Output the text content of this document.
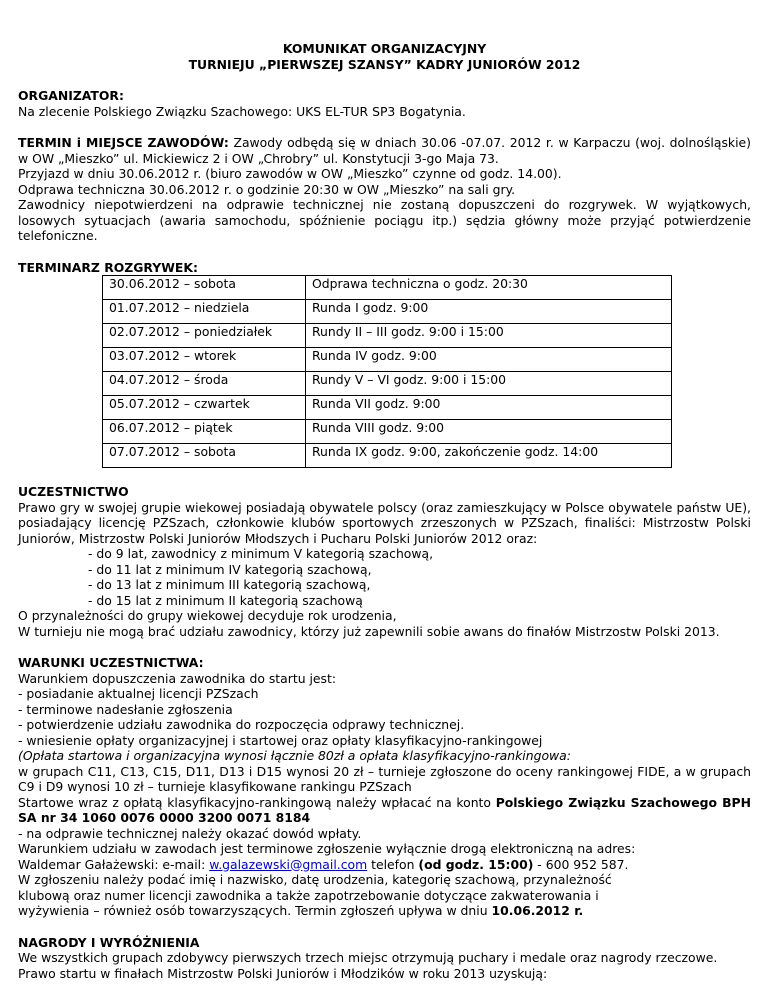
KOMUNIKAT ORGANIZACYJNY

TURNIEJU „PIERWSZEJ SZANSY” KADRY JUNIORÓW 2012

ORGANIZATOR:

Na zlecenie Polskiego Związku Szachowego: UKS EL-TUR SP3 Bogatynia.

TERMIN i MIEJSCE ZAWODÓW: Zawody odbędą się w dniach 30.06 -07.07. 2012 r. w Karpaczu (woj. dolnośląskie) w OW „Mieszko” ul. Mickiewicz 2 i OW „Chrobry” ul. Konstytucji 3-go Maja 73.

Przyjazd w dniu 30.06.2012 r. (biuro zawodów w OW „Mieszko” czynne od godz. 14.00).

Odprawa techniczna 30.06.2012 r. o godzinie 20:30 w OW „Mieszko” na sali gry.

Zawodnicy niepotwierdzeni na odprawie technicznej nie zostaną dopuszczeni do rozgrywek. W wyjątkowych, losowych sytuacjach (awaria samochodu, spóźnienie pociągu itp.) sędzia główny może przyjąć potwierdzenie telefoniczne.

TERMINARZ ROZGRYWEK:

30.06.2012 – sobota	Odprawa techniczna o godz. 20:30
01.07.2012 – niedziela	Runda I godz. 9:00
02.07.2012 – poniedziałek	Rundy II – III godz. 9:00 i 15:00
03.07.2012 – wtorek	Runda IV godz. 9:00
04.07.2012 – środa	Rundy V – VI godz. 9:00 i 15:00
05.07.2012 – czwartek	Runda VII godz. 9:00
06.07.2012 – piątek	Runda VIII godz. 9:00
07.07.2012 – sobota	Runda IX godz. 9:00, zakończenie godz. 14:00

UCZESTNICTWO

Prawo gry w swojej grupie wiekowej posiadają obywatele polscy (oraz zamieszkujący w Polsce obywatele państw UE), posiadający licencję PZSzach, członkowie klubów sportowych zrzeszonych w PZSzach, finaliści: Mistrzostw Polski Juniorów, Mistrzostw Polski Juniorów Młodszych i Pucharu Polski Juniorów 2012 oraz:

- do 9 lat, zawodnicy z minimum V kategorią szachową,

- do 11 lat z minimum IV kategorią szachową,

- do 13 lat z minimum III kategorią szachową,

- do 15 lat z minimum II kategorią szachową

O przynależności do grupy wiekowej decyduje rok urodzenia,

W turnieju nie mogą brać udziału zawodnicy, którzy już zapewnili sobie awans do finałów Mistrzostw Polski 2013.

WARUNKI UCZESTNICTWA:

Warunkiem dopuszczenia zawodnika do startu jest:

- posiadanie aktualnej licencji PZSzach

- terminowe nadesłanie zgłoszenia

- potwierdzenie udziału zawodnika do rozpoczęcia odprawy technicznej.

- wniesienie opłaty organizacyjnej i startowej oraz opłaty klasyfikacyjno-rankingowej

(Opłata startowa i organizacyjna wynosi łącznie 80zł a opłata klasyfikacyjno-rankingowa:

w grupach C11, C13, C15, D11, D13 i D15 wynosi 20 zł – turnieje zgłoszone do oceny rankingowej FIDE, a w grupach C9 i D9 wynosi 10 zł – turnieje klasyfikowane rankingu PZSzach

Startowe wraz z opłatą klasyfikacyjno-rankingową należy wpłacać na konto Polskiego Związku Szachowego BPH SA nr 34 1060 0076 0000 3200 0071 8184

- na odprawie technicznej należy okazać dowód wpłaty.

Warunkiem udziału w zawodach jest terminowe zgłoszenie wyłącznie drogą elektroniczną na adres:

Waldemar Gałażewski: e-mail: w.galazewski@gmail.com telefon (od godz. 15:00) - 600 952 587.

W zgłoszeniu należy podać imię i nazwisko, datę urodzenia, kategorię szachową, przynależność

klubową oraz numer licencji zawodnika a także zapotrzebowanie dotyczące zakwaterowania i

wyżywienia – również osób towarzyszących. Termin zgłoszeń upływa w dniu 10.06.2012 r.

NAGRODY I WYRÓŻNIENIA

We wszystkich grupach zdobywcy pierwszych trzech miejsc otrzymują puchary i medale oraz nagrody rzeczowe.

Prawo startu w finałach Mistrzostw Polski Juniorów i Młodzików w roku 2013 uzyskują:
